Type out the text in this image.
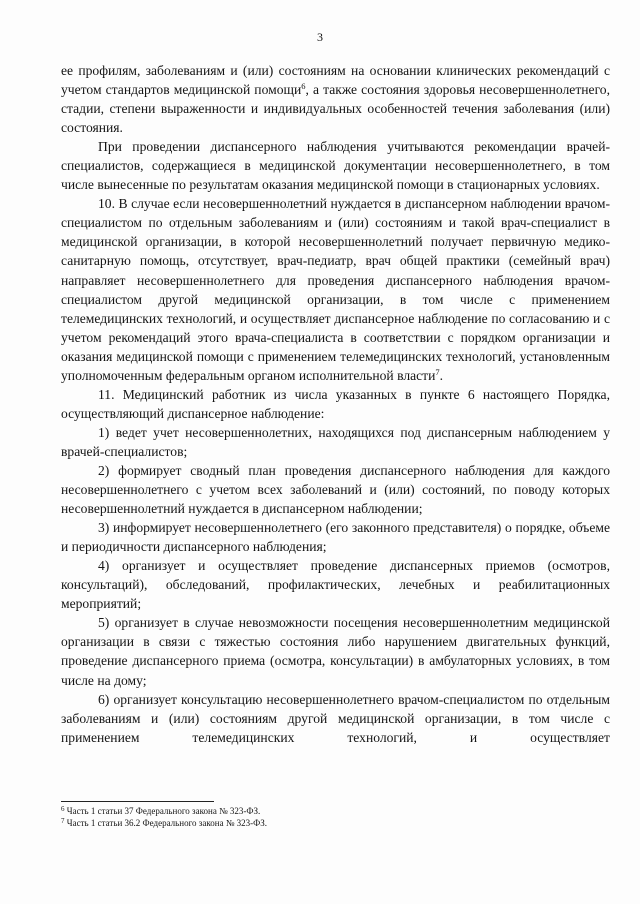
3

ее профилям, заболеваниям и (или) состояниям на основании клинических рекомендаций с учетом стандартов медицинской помощи$^6$, а также состояния здоровья несовершеннолетнего, стадии, степени выраженности и индивидуальных особенностей течения заболевания (или) состояния.

При проведении диспансерного наблюдения учитываются рекомендации врачей-специалистов, содержащиеся в медицинской документации несовершеннолетнего, в том числе вынесенные по результатам оказания медицинской помощи в стационарных условиях.

10. В случае если несовершеннолетний нуждается в диспансерном наблюдении врачом-специалистом по отдельным заболеваниям и (или) состояниям и такой врач-специалист в медицинской организации, в которой несовершеннолетний получает первичную медико-санитарную помощь, отсутствует, врач-педиатр, врач общей практики (семейный врач) направляет несовершеннолетнего для проведения диспансерного наблюдения врачом-специалистом другой медицинской организации, в том числе с применением телемедицинских технологий, и осуществляет диспансерное наблюдение по согласованию и с учетом рекомендаций этого врача-специалиста в соответствии с порядком организации и оказания медицинской помощи с применением телемедицинских технологий, установленным уполномоченным федеральным органом исполнительной власти$^7$.

11. Медицинский работник из числа указанных в пункте 6 настоящего Порядка, осуществляющий диспансерное наблюдение:

1) ведет учет несовершеннолетних, находящихся под диспансерным наблюдением у врачей-специалистов;

2) формирует сводный план проведения диспансерного наблюдения для каждого несовершеннолетнего с учетом всех заболеваний и (или) состояний, по поводу которых несовершеннолетний нуждается в диспансерном наблюдении;

3) информирует несовершеннолетнего (его законного представителя) о порядке, объеме и периодичности диспансерного наблюдения;

4) организует и осуществляет проведение диспансерных приемов (осмотров, консультаций), обследований, профилактических, лечебных и реабилитационных мероприятий;

5) организует в случае невозможности посещения несовершеннолетним медицинской организации в связи с тяжестью состояния либо нарушением двигательных функций, проведение диспансерного приема (осмотра, консультации) в амбулаторных условиях, в том числе на дому;

6) организует консультацию несовершеннолетнего врачом-специалистом по отдельным заболеваниям и (или) состояниям другой медицинской организации, в том числе с применением телемедицинских технологий, и осуществляет

$^6$ Часть 1 статьи 37 Федерального закона № 323-ФЗ.

$^7$ Часть 1 статьи 36.2 Федерального закона № 323-ФЗ.
